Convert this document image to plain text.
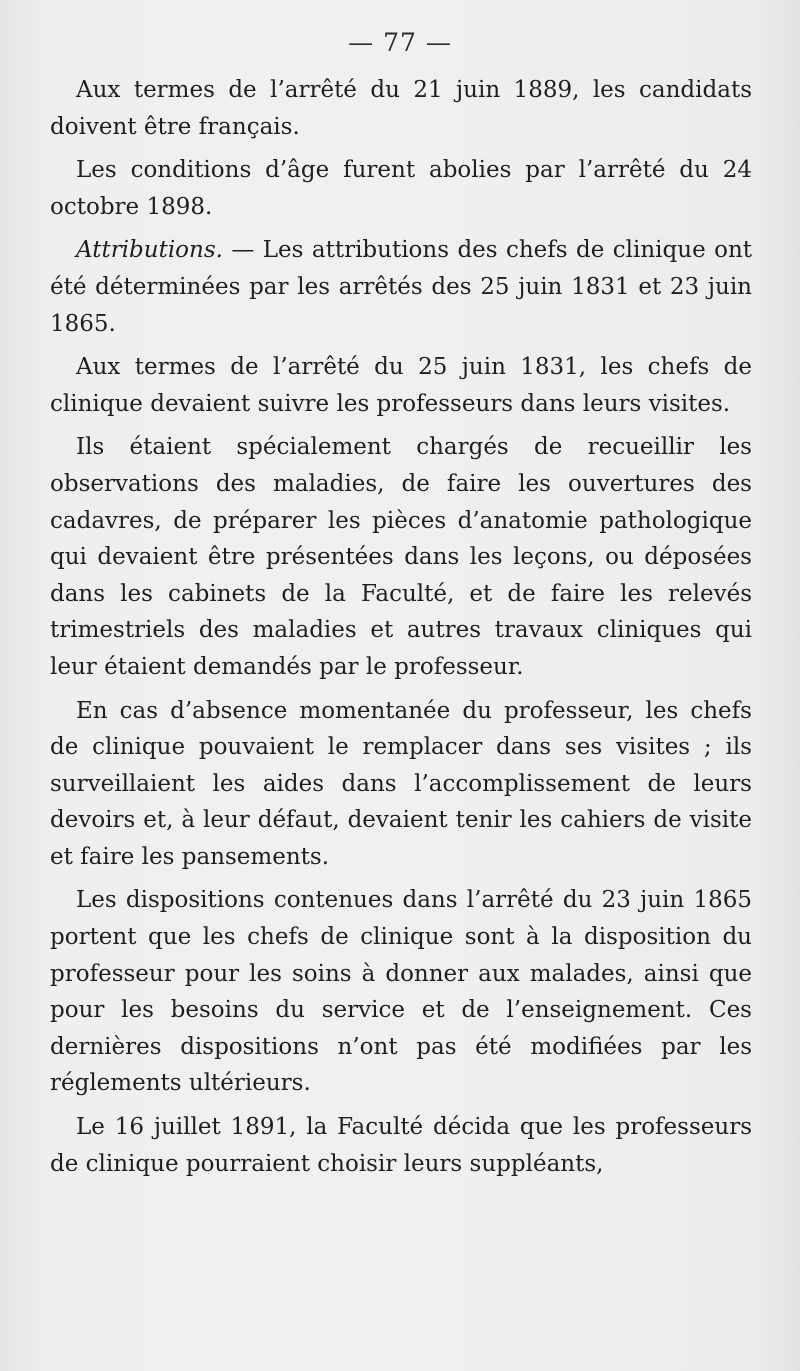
— 77 —

Aux termes de l’arrêté du 21 juin 1889, les candidats doivent être français.

Les conditions d’âge furent abolies par l’arrêté du 24 octobre 1898.

Attributions. — Les attributions des chefs de clinique ont été déterminées par les arrêtés des 25 juin 1831 et 23 juin 1865.

Aux termes de l’arrêté du 25 juin 1831, les chefs de clinique devaient suivre les professeurs dans leurs visites.

Ils étaient spécialement chargés de recueillir les observations des maladies, de faire les ouvertures des cadavres, de préparer les pièces d’anatomie pathologique qui devaient être présentées dans les leçons, ou déposées dans les cabinets de la Faculté, et de faire les relevés trimestriels des maladies et autres travaux cliniques qui leur étaient demandés par le professeur.

En cas d’absence momentanée du professeur, les chefs de clinique pouvaient le remplacer dans ses visites ; ils surveillaient les aides dans l’accomplissement de leurs devoirs et, à leur défaut, devaient tenir les cahiers de visite et faire les pansements.

Les dispositions contenues dans l’arrêté du 23 juin 1865 portent que les chefs de clinique sont à la disposition du professeur pour les soins à donner aux malades, ainsi que pour les besoins du service et de l’enseignement. Ces dernières dispositions n’ont pas été modifiées par les réglements ultérieurs.

Le 16 juillet 1891, la Faculté décida que les professeurs de clinique pourraient choisir leurs suppléants,
